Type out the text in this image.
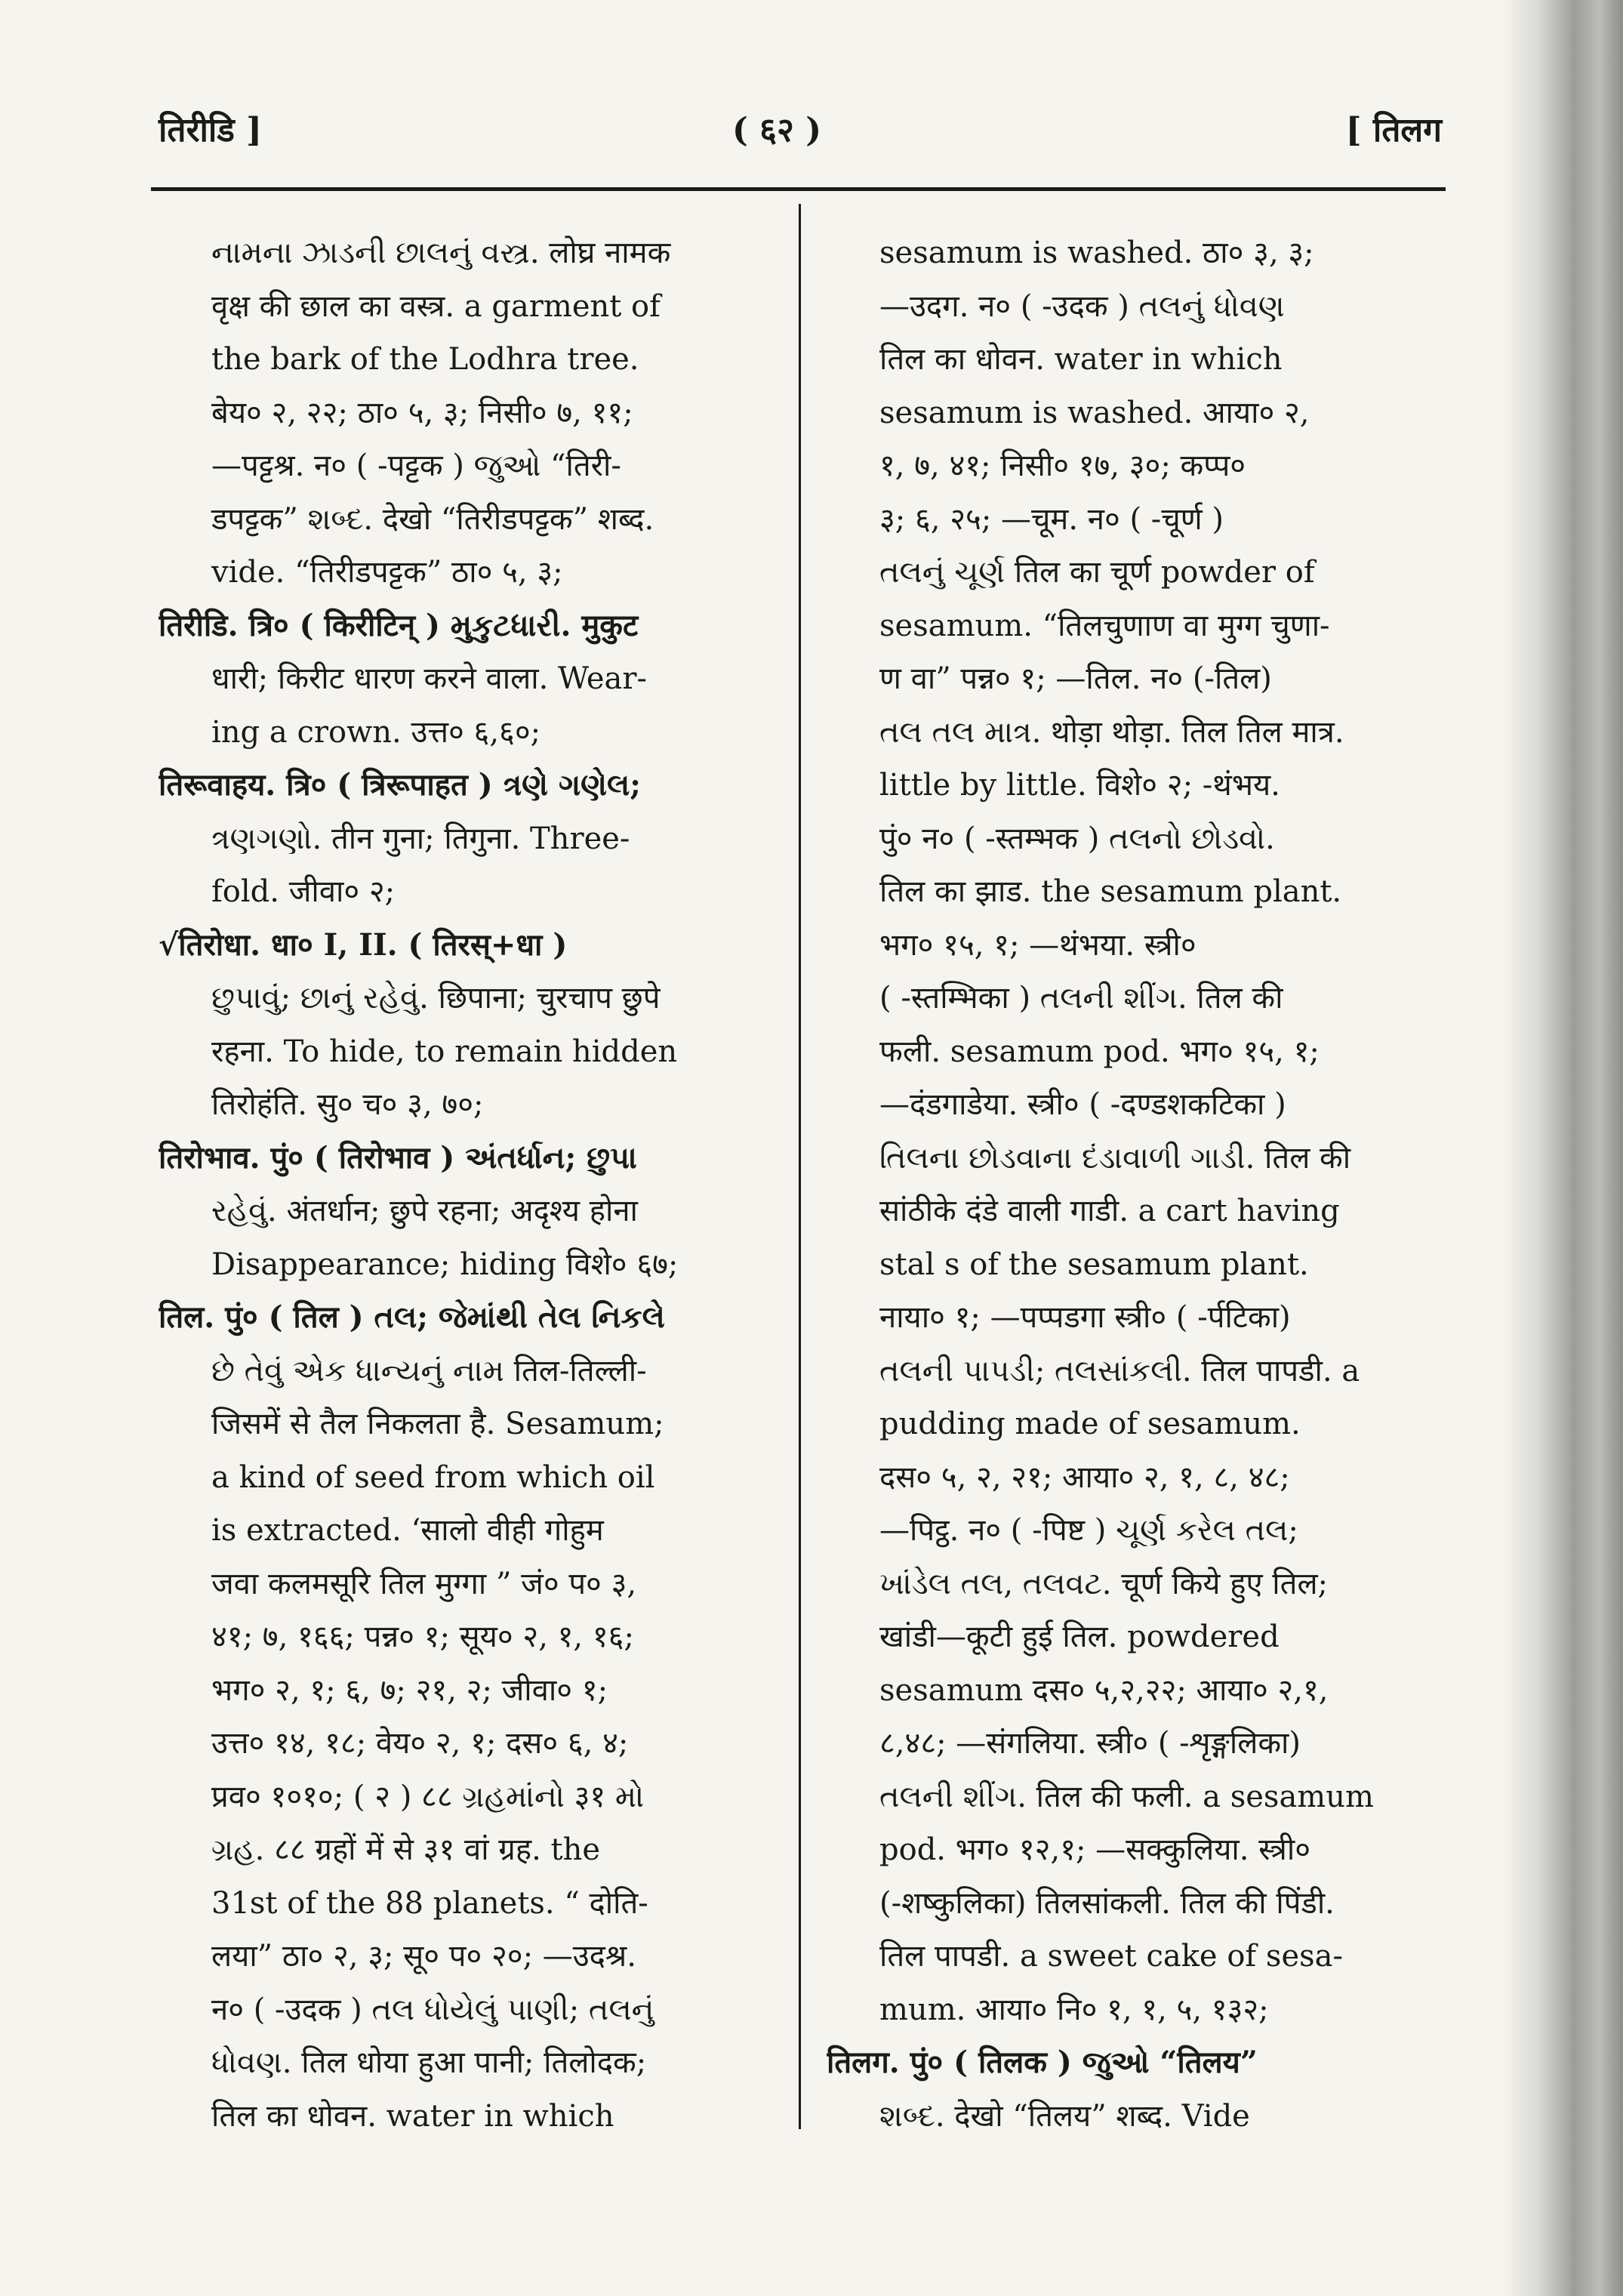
तिरीडि ]	( ६२ )	[ तिलग
નામના ઝાડની છાલનું વસ્ત્ર. लोघ्र नामक
वृक्ष की छाल का वस्त्र. a garment of
the bark of the Lodhra tree.
बेय० २, २२; ठा० ५, ३; निसी० ७, ११;
—पट्टश्र. न० ( -पट्टक ) જુઓ “तिरी-
डपट्टक” શબ્દ. देखो “तिरीडपट्टक” शब्द.
vide. “तिरीडपट्टक” ठा० ५, ३;
तिरीडि. त्रि० ( किरीटिन् ) મુકુટધારી. मुकुट
धारी; किरीट धारण करने वाला. Wear-
ing a crown. उत्त० ६,६०;
तिरूवाहय. त्रि० ( त्रिरूपाहत ) ત્રણે ગણેલ;
ત્રણગણો. तीन गुना; तिगुना. Three-
fold. जीवा० २;
√तिरोधा. धा० I, II. ( तिरस्+धा )
છુપાવું; છાનું રહેવું. छिपाना; चुरचाप छुपे
रहना. To hide, to remain hidden
तिरोहंति. सु० च० ३, ७०;
तिरोभाव. पुं० ( तिरोभाव ) અંતર્ધાન; છુપા
રહેવું. अंतर्धान; छुपे रहना; अदृश्य होना
Disappearance; hiding विशे० ६७;
तिल. पुं० ( तिल ) તલ; જેમાંથી તેલ નિકલે
છે તેવું એક ધાન્યનું નામ तिल-तिल्ली-
जिसमें से तैल निकलता है. Sesamum;
a kind of seed from which oil
is extracted. ‘सालो वीही गोहुम
जवा कलमसूरि तिल मुग्गा ” जं० प० ३,
४१; ७, १६६; पन्न० १; सूय० २, १, १६;
भग० २, १; ६, ७; २१, २; जीवा० १;
उत्त० १४, १८; वेय० २, १; दस० ६, ४;
प्रव० १०१०; ( २ ) ८८ ગ્રહમાંનો ३१ મો
ગ્રહ. ८८ ग्रहों में से ३१ वां ग्रह. the
31st of the 88 planets. “ दोति-
लया” ठा० २, ३; सू० प० २०; —उदश्र.
न० ( -उदक ) તલ ધોયેલું પાણી; તલનું
ધોવણ. तिल धोया हुआ पानी; तिलोदक;
तिल का धोवन. water in which
sesamum is washed. ठा० ३, ३;
—उदग. न० ( -उदक ) તલનું ધોવણ
तिल का धोवन. water in which
sesamum is washed. आया० २,
१, ७, ४१; निसी० १७, ३०; कप्प०
३; ६, २५; —चूम. न० ( -चूर्ण )
તલનું ચૂર્ણ तिल का चूर्ण powder of
sesamum. “तिलचुणाण वा मुग्ग चुणा-
ण वा” पन्न० १; —तिल. न० (-तिल)
તલ તલ માત્ર. थोड़ा थोड़ा. तिल तिल मात्र.
little by little. विशे० २; -थंभय.
पुं० न० ( -स्तम्भक ) તલનો છોડવો.
तिल का झाड. the sesamum plant.
भग० १५, १; —थंभया. स्त्री०
( -स्तम्भिका ) તલની શીંગ. तिल की
फली. sesamum pod. भग० १५, १;
—दंडगाडेया. स्त्री० ( -दण्डशकटिका )
તિલના છોડવાના દંડાવાળી ગાડી. तिल की
सांठीके दंडे वाली गाडी. a cart having
stal s of the sesamum plant.
नाया० १; —पप्पडगा स्त्री० ( -र्पटिका)
તલની પાપડી; તલસાંકલી. तिल पापडी. a
pudding made of sesamum.
दस० ५, २, २१; आया० २, १, ८, ४८;
—पिट्ठ. न० ( -पिष्ट ) ચૂર્ણ કરેલ તલ;
ખાંડેલ તલ, તલવટ. चूर्ण किये हुए तिल;
खांडी—कूटी हुई तिल. powdered
sesamum दस० ५,२,२२; आया० २,१,
८,४८; —संगलिया. स्त्री० ( -शृङ्गलिका)
તલની શીંગ. तिल की फली. a sesamum
pod. भग० १२,१; —सक्कुलिया. स्त्री०
(-शष्कुलिका) तिलसांकली. तिल की पिंडी.
तिल पापडी. a sweet cake of sesa-
mum. आया० नि० १, १, ५, १३२;
तिलग. पुं० ( तिलक ) જુઓ “तिलय”
શબ્દ. देखो “तिलय” शब्द. Vide
